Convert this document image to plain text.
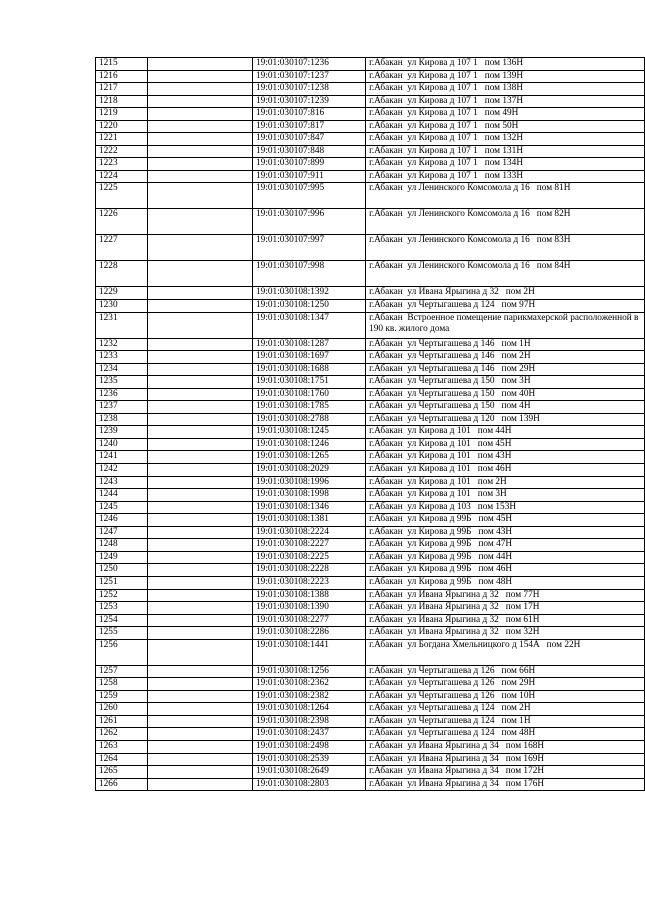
1215		19:01:030107:1236	г.Абакан  ул Кирова д 107 1   пом 136Н
1216		19:01:030107:1237	г.Абакан  ул Кирова д 107 1   пом 139Н
1217		19:01:030107:1238	г.Абакан  ул Кирова д 107 1   пом 138Н
1218		19:01:030107:1239	г.Абакан  ул Кирова д 107 1   пом 137Н
1219		19:01:030107:816	г.Абакан  ул Кирова д 107 1   пом 49Н
1220		19:01:030107:817	г.Абакан  ул Кирова д 107 1   пом 50Н
1221		19:01:030107:847	г.Абакан  ул Кирова д 107 1   пом 132Н
1222		19:01:030107:848	г.Абакан  ул Кирова д 107 1   пом 131Н
1223		19:01:030107:899	г.Абакан  ул Кирова д 107 1   пом 134Н
1224		19:01:030107:911	г.Абакан  ул Кирова д 107 1   пом 133Н
1225		19:01:030107:995	г.Абакан  ул Ленинского Комсомола д 16   пом 81Н
1226		19:01:030107:996	г.Абакан  ул Ленинского Комсомола д 16   пом 82Н
1227		19:01:030107:997	г.Абакан  ул Ленинского Комсомола д 16   пом 83Н
1228		19:01:030107:998	г.Абакан  ул Ленинского Комсомола д 16   пом 84Н
1229		19:01:030108:1392	г.Абакан  ул Ивана Ярыгина д 32   пом 2Н
1230		19:01:030108:1250	г.Абакан  ул Чертыгашева д 124   пом 97Н
1231		19:01:030108:1347	г.Абакан  Встроенное помещение парикмахерской расположенной в 190 кв. жилого дома
1232		19:01:030108:1287	г.Абакан  ул Чертыгашева д 146   пом 1Н
1233		19:01:030108:1697	г.Абакан  ул Чертыгашева д 146   пом 2Н
1234		19:01:030108:1688	г.Абакан  ул Чертыгашева д 146   пом 29Н
1235		19:01:030108:1751	г.Абакан  ул Чертыгашева д 150   пом 3Н
1236		19:01:030108:1760	г.Абакан  ул Чертыгашева д 150   пом 40Н
1237		19:01:030108:1785	г.Абакан  ул Чертыгашева д 150   пом 4Н
1238		19:01:030108:2788	г.Абакан  ул Чертыгашева д 120   пом 139Н
1239		19:01:030108:1245	г.Абакан  ул Кирова д 101   пом 44Н
1240		19:01:030108:1246	г.Абакан  ул Кирова д 101   пом 45Н
1241		19:01:030108:1265	г.Абакан  ул Кирова д 101   пом 43Н
1242		19:01:030108:2029	г.Абакан  ул Кирова д 101   пом 46Н
1243		19:01:030108:1996	г.Абакан  ул Кирова д 101   пом 2Н
1244		19:01:030108:1998	г.Абакан  ул Кирова д 101   пом 3Н
1245		19:01:030108:1346	г.Абакан  ул Кирова д 103   пом 153Н
1246		19:01:030108:1381	г.Абакан  ул Кирова д 99Б   пом 45Н
1247		19:01:030108:2224	г.Абакан  ул Кирова д 99Б   пом 43Н
1248		19:01:030108:2227	г.Абакан  ул Кирова д 99Б   пом 47Н
1249		19:01:030108:2225	г.Абакан  ул Кирова д 99Б   пом 44Н
1250		19:01:030108:2228	г.Абакан  ул Кирова д 99Б   пом 46Н
1251		19:01:030108:2223	г.Абакан  ул Кирова д 99Б   пом 48Н
1252		19:01:030108:1388	г.Абакан  ул Ивана Ярыгина д 32   пом 77Н
1253		19:01:030108:1390	г.Абакан  ул Ивана Ярыгина д 32   пом 17Н
1254		19:01:030108:2277	г.Абакан  ул Ивана Ярыгина д 32   пом 61Н
1255		19:01:030108:2286	г.Абакан  ул Ивана Ярыгина д 32   пом 32Н
1256		19:01:030108:1441	г.Абакан  ул Богдана Хмельницкого д 154А   пом 22Н
1257		19:01:030108:1256	г.Абакан  ул Чертыгашева д 126   пом 66Н
1258		19:01:030108:2362	г.Абакан  ул Чертыгашева д 126   пом 29Н
1259		19:01:030108:2382	г.Абакан  ул Чертыгашева д 126   пом 10Н
1260		19:01:030108:1264	г.Абакан  ул Чертыгашева д 124   пом 2Н
1261		19:01:030108:2398	г.Абакан  ул Чертыгашева д 124   пом 1Н
1262		19:01:030108:2437	г.Абакан  ул Чертыгашева д 124   пом 48Н
1263		19:01:030108:2498	г.Абакан  ул Ивана Ярыгина д 34   пом 168Н
1264		19:01:030108:2539	г.Абакан  ул Ивана Ярыгина д 34   пом 169Н
1265		19:01:030108:2649	г.Абакан  ул Ивана Ярыгина д 34   пом 172Н
1266		19:01:030108:2803	г.Абакан  ул Ивана Ярыгина д 34   пом 176Н
